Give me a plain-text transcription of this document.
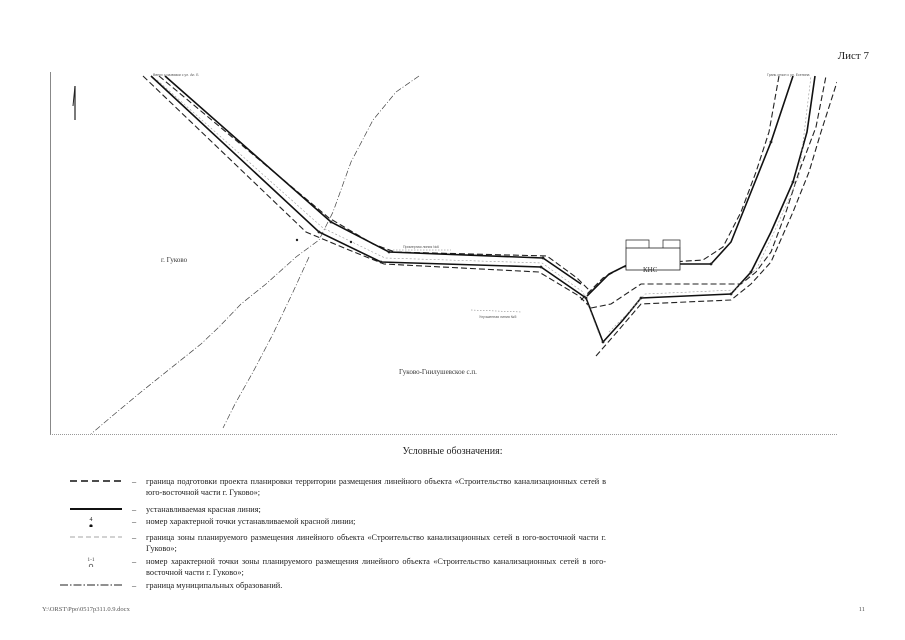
Лист 7
г. Гуково
Гуково-Гнилушевское с.п.
КНС
Вверх с развязки с ул. Ан. Б	Грань сезон с ул. Есенина
Примерная линия №6
Улучшенная линия №5
Условные обозначения:
– граница подготовки проекта планировки территории размещения линейного объекта «Строительство канализационных сетей в юго-восточной части г. Гуково»;
– устанавливаемая красная линия;
4	– номер характерной точки устанавливаемой красной линии;
– граница зоны планируемого размещения линейного объекта «Строительство канализационных сетей в юго-восточной части г. Гуково»;
1-1	– номер характерной точки зоны планируемого размещения линейного объекта «Строительство канализационных сетей в юго-восточной части г. Гуково»;
– граница муниципальных образований.
Y:\ORST\Ppo\0517p311.0.9.docx	11
